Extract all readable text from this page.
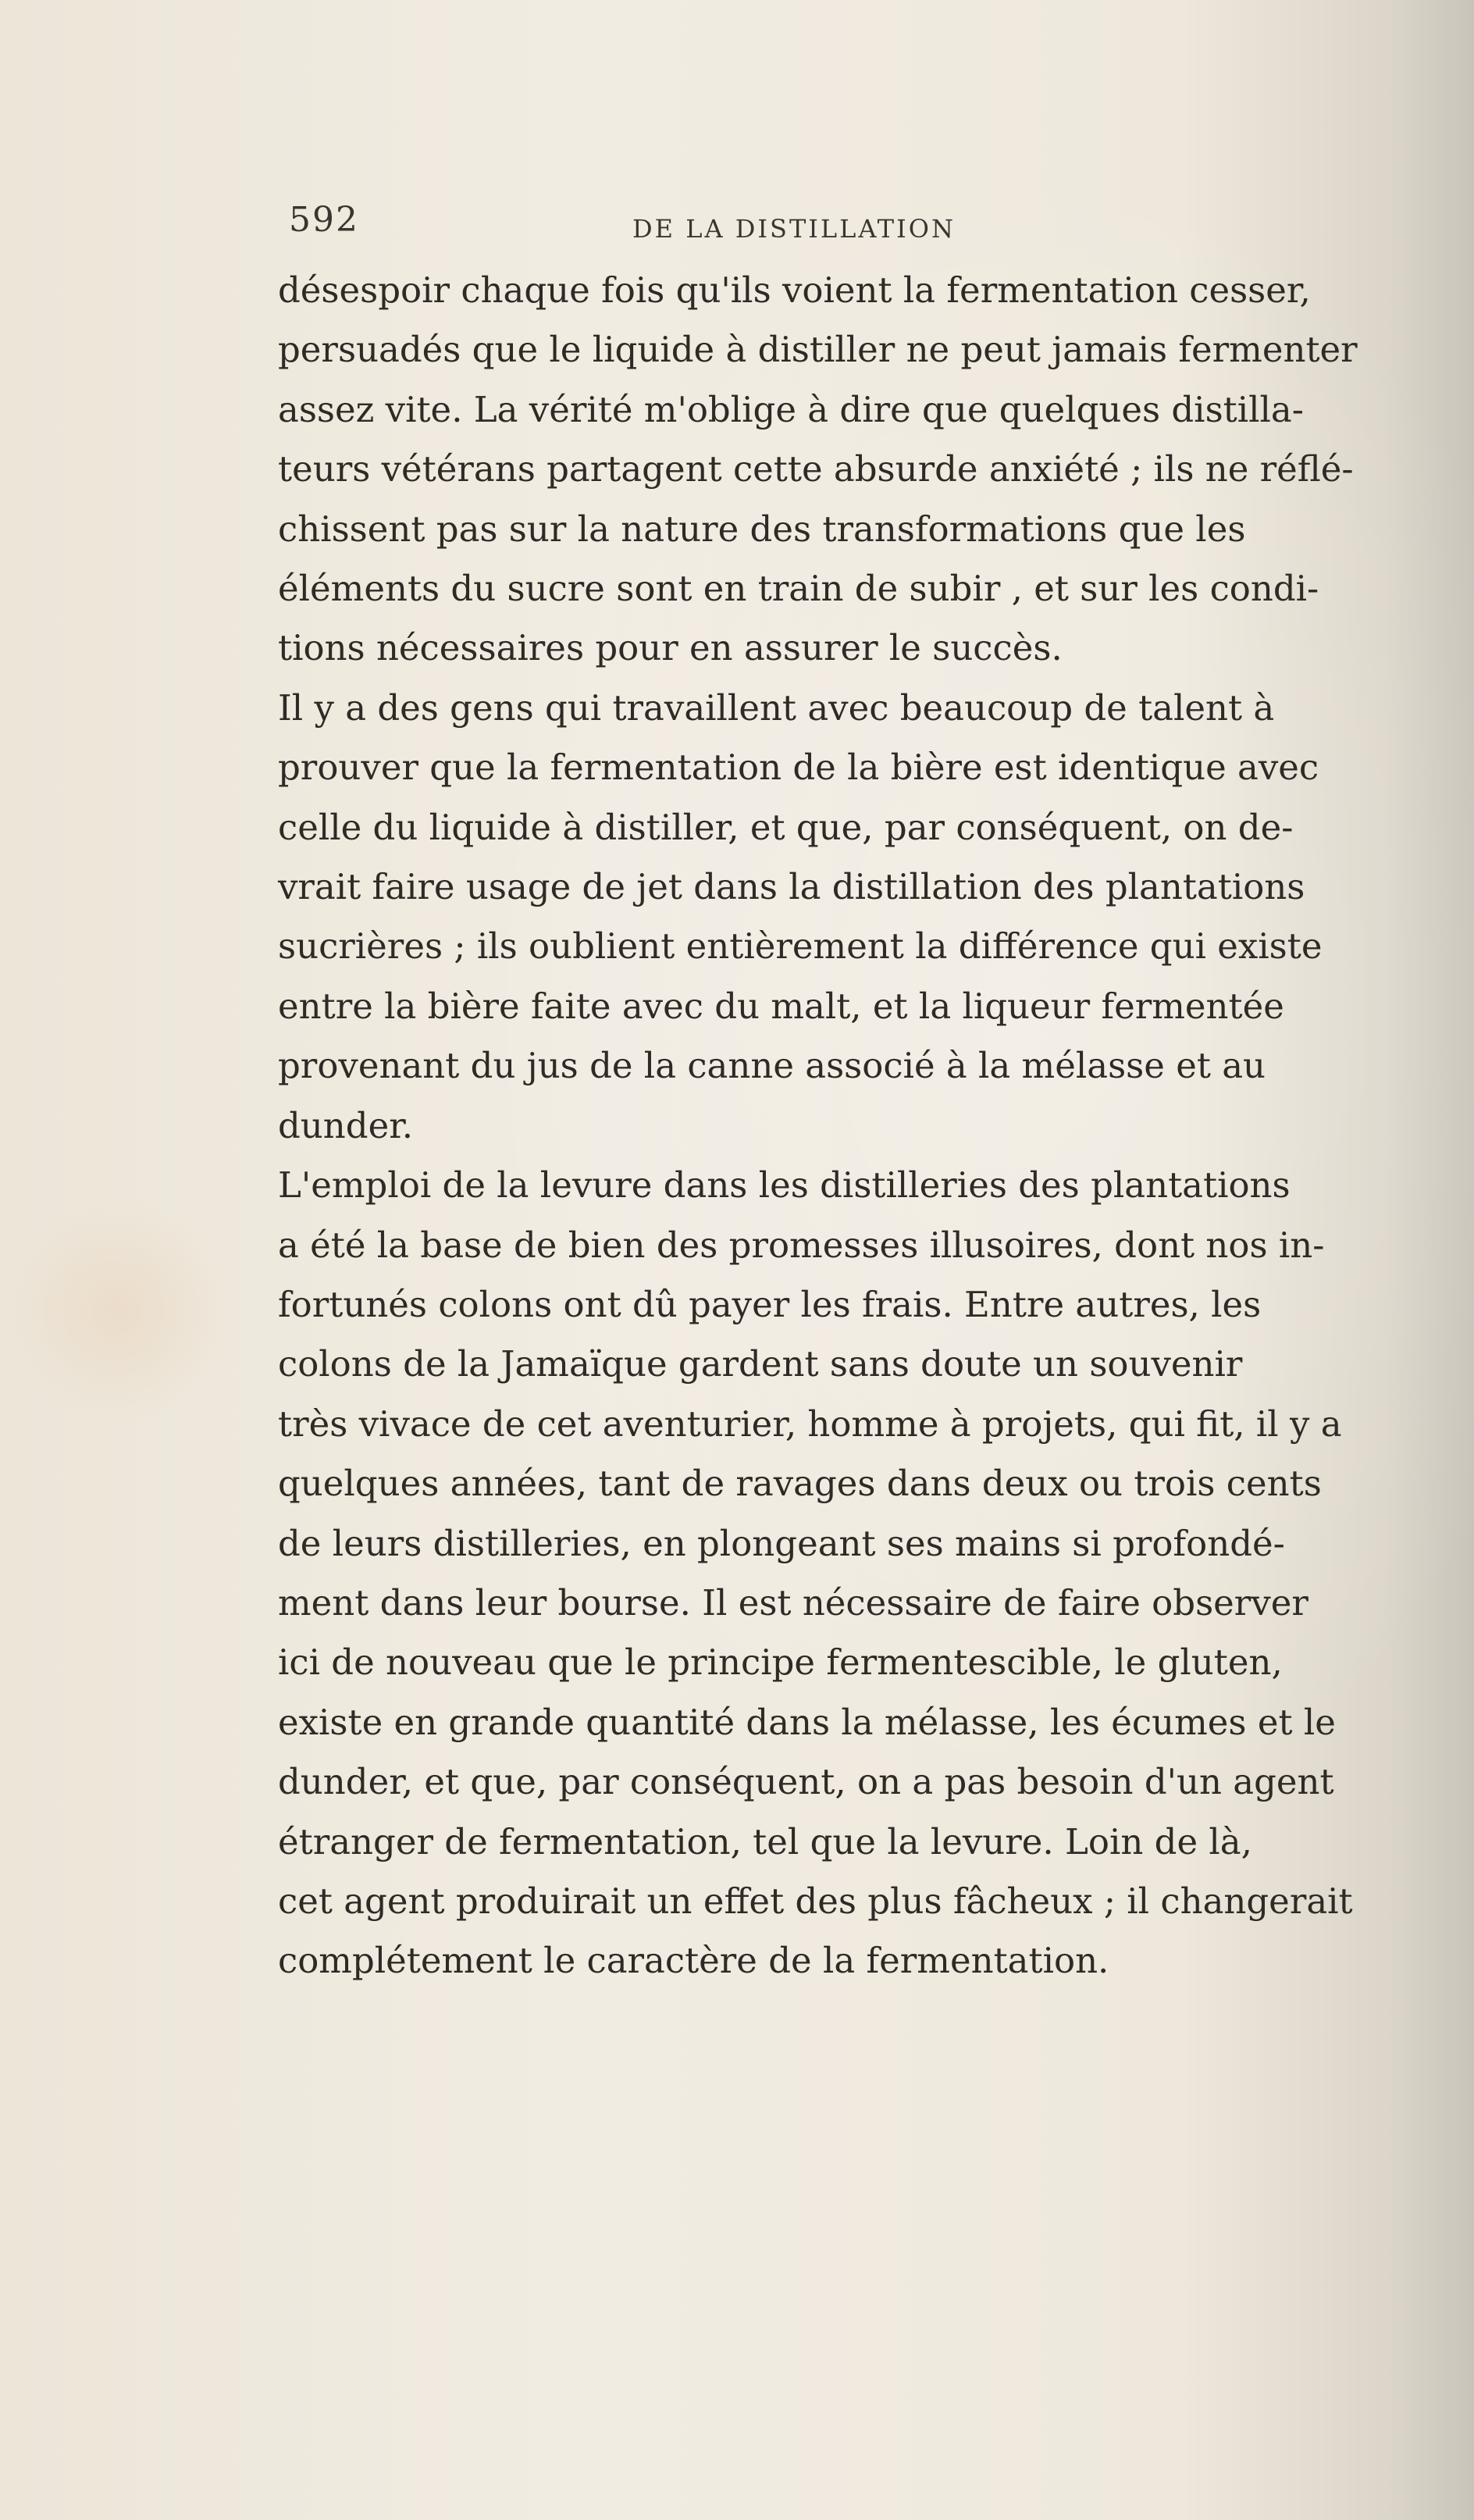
592	DE LA DISTILLATION

désespoir chaque fois qu'ils voient la fermentation cesser,
persuadés que le liquide à distiller ne peut jamais fermenter
assez vite. La vérité m'oblige à dire que quelques distilla-
teurs vétérans partagent cette absurde anxiété ; ils ne réflé-
chissent pas sur la nature des transformations que les
éléments du sucre sont en train de subir , et sur les condi-
tions nécessaires pour en assurer le succès.

Il y a des gens qui travaillent avec beaucoup de talent à
prouver que la fermentation de la bière est identique avec
celle du liquide à distiller, et que, par conséquent, on de-
vrait faire usage de jet dans la distillation des plantations
sucrières ; ils oublient entièrement la différence qui existe
entre la bière faite avec du malt, et la liqueur fermentée
provenant du jus de la canne associé à la mélasse et au
dunder.

L'emploi de la levure dans les distilleries des plantations
a été la base de bien des promesses illusoires, dont nos in-
fortunés colons ont dû payer les frais. Entre autres, les
colons de la Jamaïque gardent sans doute un souvenir
très vivace de cet aventurier, homme à projets, qui fit, il y a
quelques années, tant de ravages dans deux ou trois cents
de leurs distilleries, en plongeant ses mains si profondé-
ment dans leur bourse. Il est nécessaire de faire observer
ici de nouveau que le principe fermentescible, le gluten,
existe en grande quantité dans la mélasse, les écumes et le
dunder, et que, par conséquent, on a pas besoin d'un agent
étranger de fermentation, tel que la levure. Loin de là,
cet agent produirait un effet des plus fâcheux ; il changerait
complétement le caractère de la fermentation.
